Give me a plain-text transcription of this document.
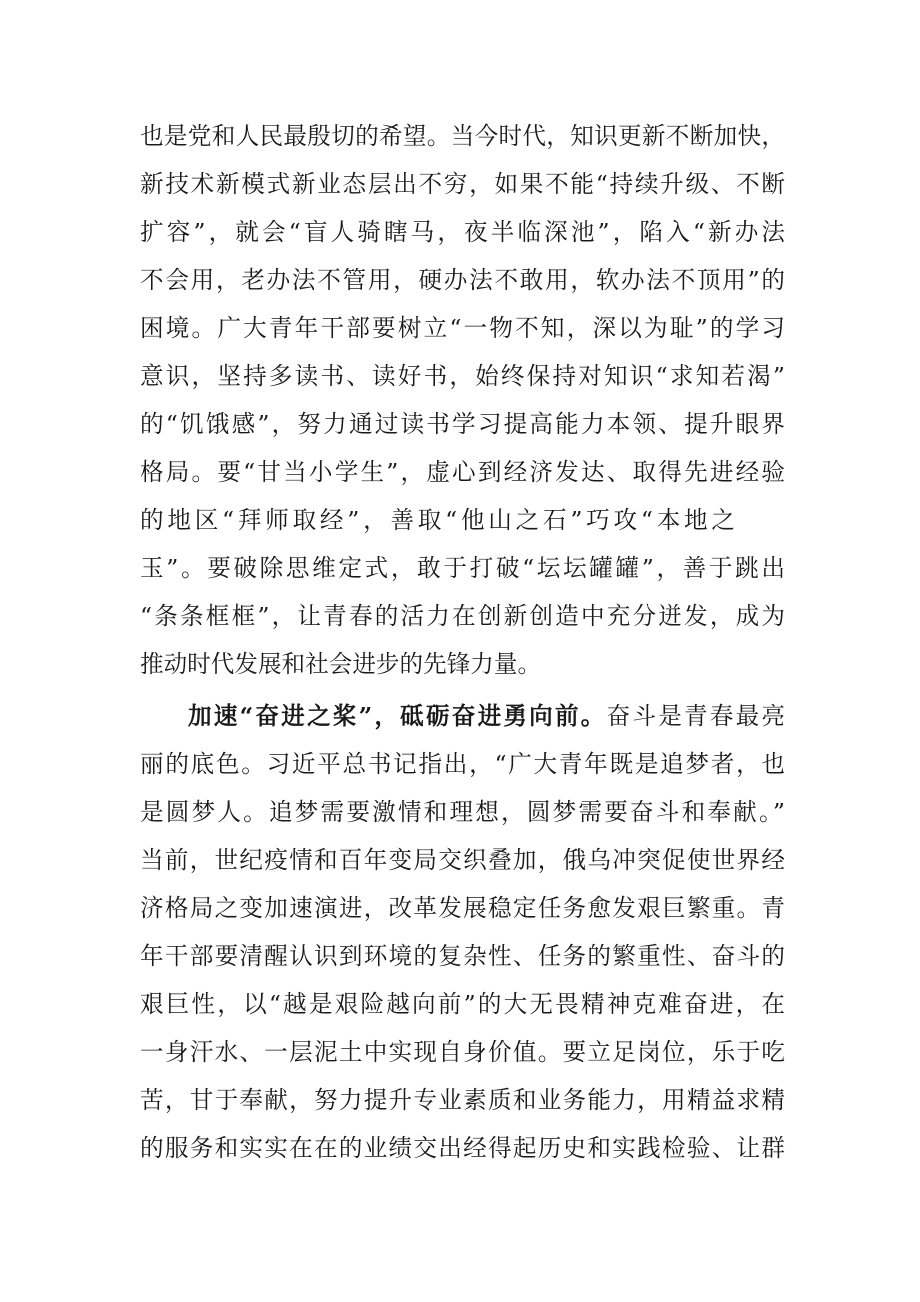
也是党和人民最殷切的希望。当今时代，知识更新不断加快，
新技术新模式新业态层出不穷，如果不能“持续升级、不断
扩容”，就会“盲人骑瞎马，夜半临深池”，陷入“新办法
不会用，老办法不管用，硬办法不敢用，软办法不顶用”的
困境。广大青年干部要树立“一物不知，深以为耻”的学习
意识，坚持多读书、读好书，始终保持对知识“求知若渴”
的“饥饿感”，努力通过读书学习提高能力本领、提升眼界
格局。要“甘当小学生”，虚心到经济发达、取得先进经验
的地区“拜师取经”，善取“他山之石”巧攻“本地之
玉”。要破除思维定式，敢于打破“坛坛罐罐”，善于跳出
“条条框框”，让青春的活力在创新创造中充分迸发，成为
推动时代发展和社会进步的先锋力量。
加速“奋进之桨”，砥砺奋进勇向前。奋斗是青春最亮
丽的底色。习近平总书记指出，“广大青年既是追梦者，也
是圆梦人。追梦需要激情和理想，圆梦需要奋斗和奉献。”
当前，世纪疫情和百年变局交织叠加，俄乌冲突促使世界经
济格局之变加速演进，改革发展稳定任务愈发艰巨繁重。青
年干部要清醒认识到环境的复杂性、任务的繁重性、奋斗的
艰巨性，以“越是艰险越向前”的大无畏精神克难奋进，在
一身汗水、一层泥土中实现自身价值。要立足岗位，乐于吃
苦，甘于奉献，努力提升专业素质和业务能力，用精益求精
的服务和实实在在的业绩交出经得起历史和实践检验、让群
